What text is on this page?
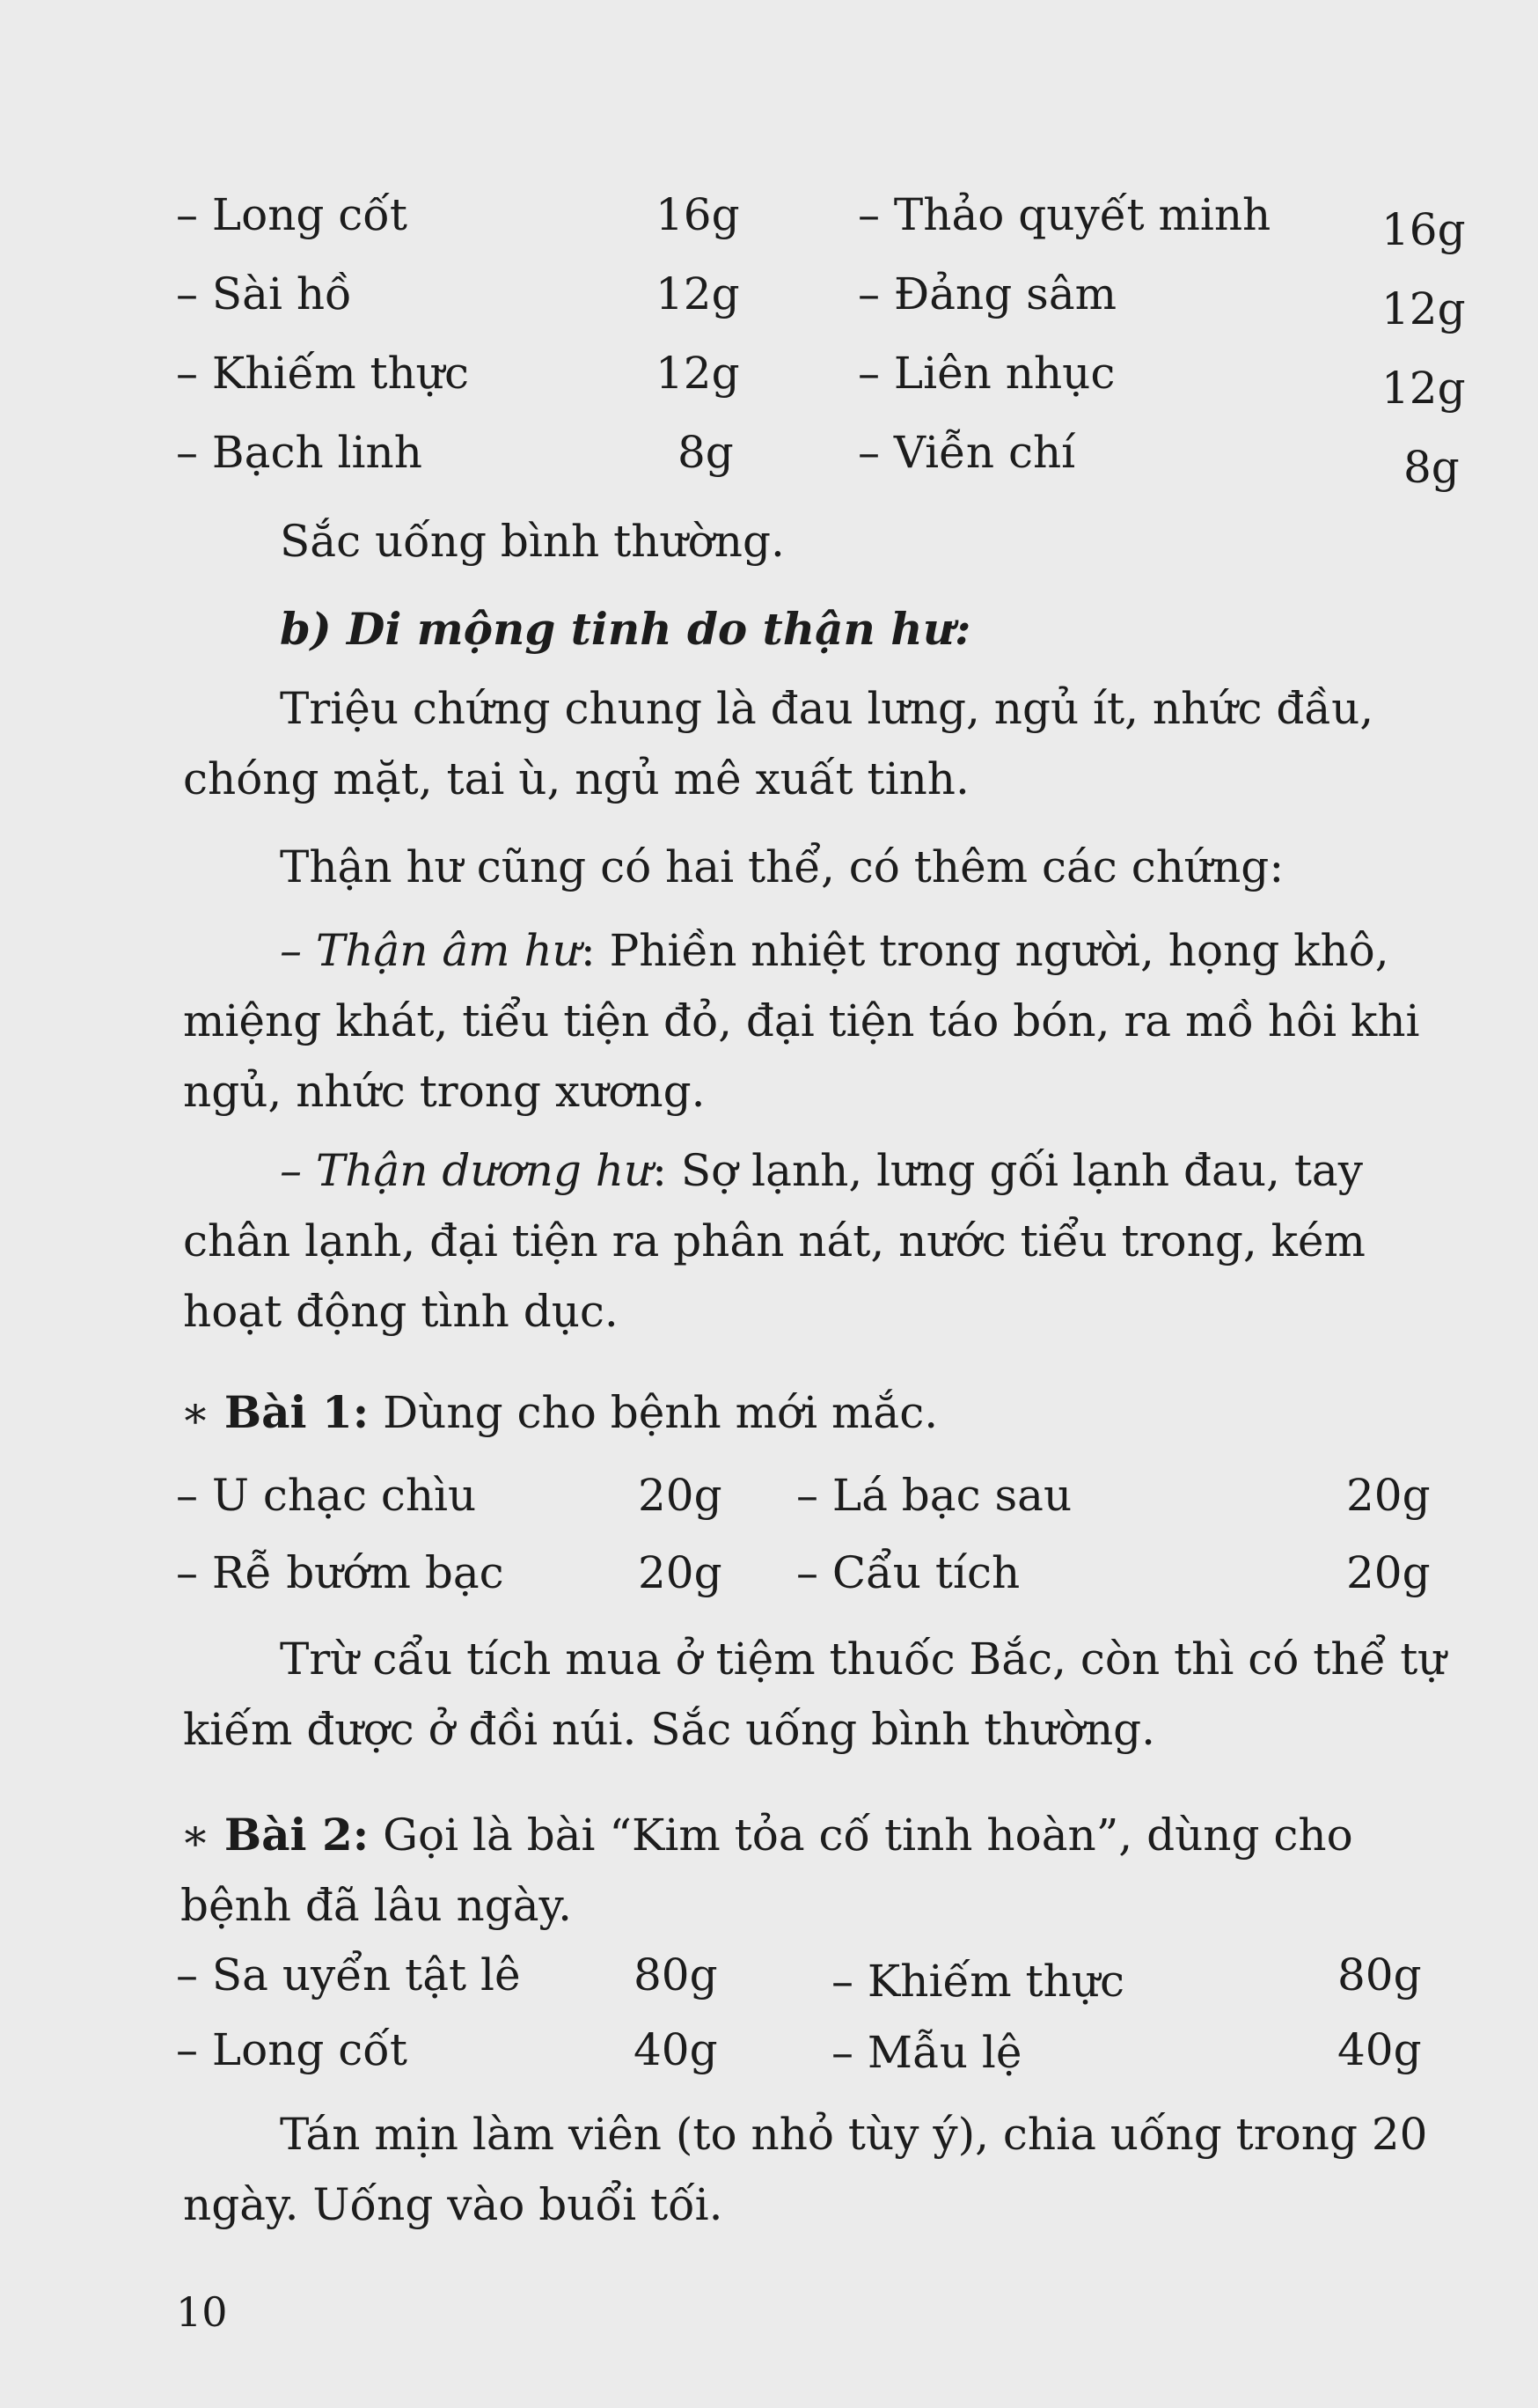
– Long cốt	16g	– Thảo quyết minh	16g
– Sài hồ	12g	– Đảng sâm	12g
– Khiếm thực	12g	– Liên nhục	12g
– Bạch linh	8g	– Viễn chí	8g
Sắc uống bình thường.
b) Di mộng tinh do thận hư:
Triệu chứng chung là đau lưng, ngủ ít, nhức đầu, chóng mặt, tai ù, ngủ mê xuất tinh.
Thận hư cũng có hai thể, có thêm các chứng:
– Thận âm hư: Phiền nhiệt trong người, họng khô, miệng khát, tiểu tiện đỏ, đại tiện táo bón, ra mồ hôi khi ngủ, nhức trong xương.
– Thận dương hư: Sợ lạnh, lưng gối lạnh đau, tay chân lạnh, đại tiện ra phân nát, nước tiểu trong, kém hoạt động tình dục.
∗ Bài 1: Dùng cho bệnh mới mắc.
– U chạc chìu	20g – Lá bạc sau	20g
– Rễ bướm bạc	20g – Cẩu tích	20g
Trừ cẩu tích mua ở tiệm thuốc Bắc, còn thì có thể tự kiếm được ở đồi núi. Sắc uống bình thường.
∗ Bài 2: Gọi là bài “Kim tỏa cố tinh hoàn”, dùng cho bệnh đã lâu ngày.
– Sa uyển tật lê	80g	– Khiếm thực	80g
– Long cốt	40g	– Mẫu lệ	40g
Tán mịn làm viên (to nhỏ tùy ý), chia uống trong 20 ngày. Uống vào buổi tối.
10
